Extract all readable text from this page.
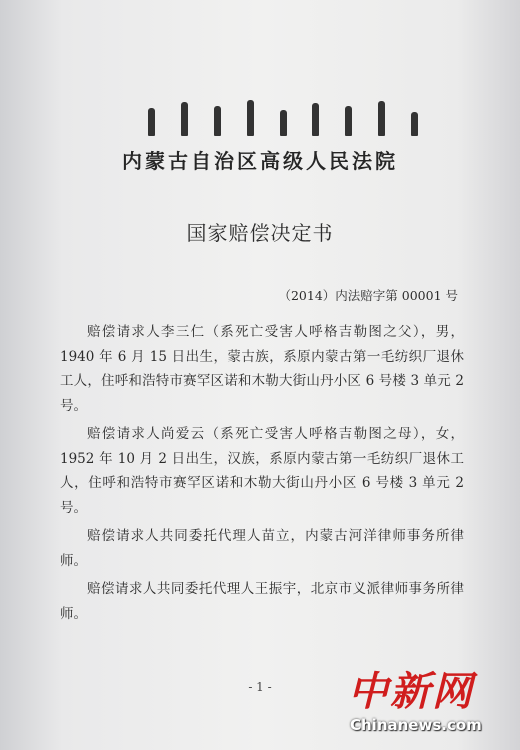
内蒙古自治区高级人民法院
国家赔偿决定书
（2014）内法赔字第 00001 号

赔偿请求人李三仁（系死亡受害人呼格吉勒图之父），男，1940 年 6 月 15 日出生，蒙古族，系原内蒙古第一毛纺织厂退休工人，住呼和浩特市赛罕区诺和木勒大街山丹小区 6 号楼 3 单元 2 号。

赔偿请求人尚爱云（系死亡受害人呼格吉勒图之母），女，1952 年 10 月 2 日出生，汉族，系原内蒙古第一毛纺织厂退休工人，住呼和浩特市赛罕区诺和木勒大街山丹小区 6 号楼 3 单元 2 号。

赔偿请求人共同委托代理人苗立，内蒙古河洋律师事务所律师。

赔偿请求人共同委托代理人王振宇，北京市义派律师事务所律师。

- 1 -	中新网
Chinanews.com
